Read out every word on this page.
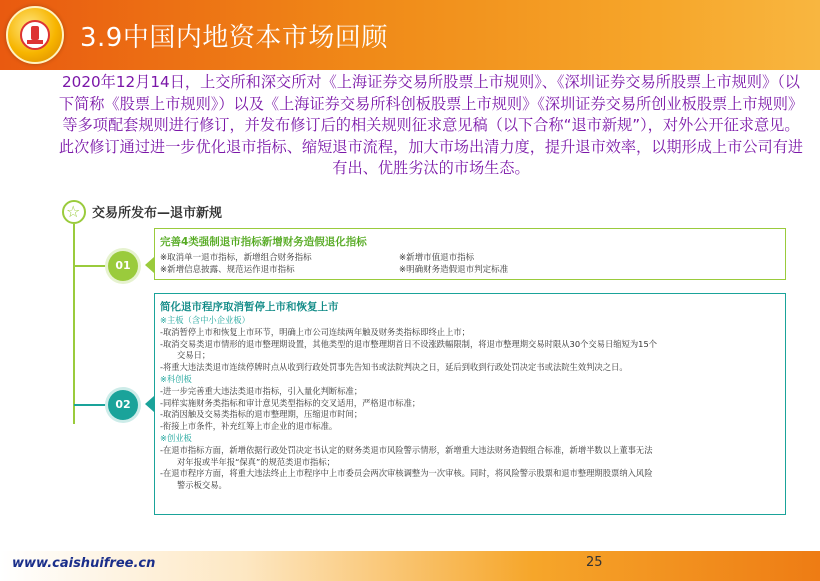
3.9中国内地资本市场回顾
2020年12月14日，上交所和深交所对《上海证券交易所股票上市规则》、《深圳证券交易所股票上市规则》（以下简称《股票上市规则》）以及《上海证券交易所科创板股票上市规则》《深圳证券交易所创业板股票上市规则》等多项配套规则进行修订，并发布修订后的相关规则征求意见稿（以下合称“退市新规”），对外公开征求意见。此次修订通过进一步优化退市指标、缩短退市流程，加大市场出清力度，提升退市效率，以期形成上市公司有进有出、优胜劣汰的市场生态。
☆ 交易所发布—退市新规
01
02
完善4类强制退市指标新增财务造假退化指标
※取消单一退市指标，新增组合财务指标
※新增信息披露、规范运作退市指标
※新增市值退市指标
※明确财务造假退市判定标准
简化退市程序取消暂停上市和恢复上市
※主板（含中小企业板）
-取消暂停上市和恢复上市环节，明确上市公司连续两年触及财务类指标即终止上市；
-取消交易类退市情形的退市整理期设置，其他类型的退市整理期首日不设涨跌幅限制，将退市整理期交易时限从30个交易日缩短为15个
交易日；
-将重大违法类退市连续停牌时点从收到行政处罚事先告知书或法院判决之日，延后到收到行政处罚决定书或法院生效判决之日。
※科创板
-进一步完善重大违法类退市指标，引入量化判断标准；
-同样实施财务类指标和审计意见类型指标的交叉适用，严格退市标准；
-取消因触及交易类指标的退市整理期，压缩退市时间；
-衔接上市条件，补充红筹上市企业的退市标准。
※创业板
-在退市指标方面，新增依据行政处罚决定书认定的财务类退市风险警示情形，新增重大违法财务造假组合标准，新增半数以上董事无法
对年报或半年报“保真”的规范类退市指标；
-在退市程序方面，将重大违法终止上市程序中上市委员会两次审核调整为一次审核。同时，将风险警示股票和退市整理期股票纳入风险
警示板交易。
www.caishuifree.cn	25
